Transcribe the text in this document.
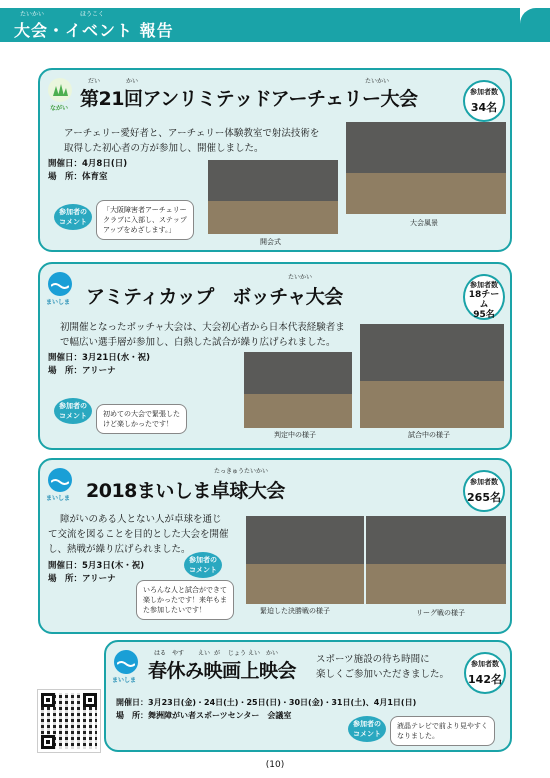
たいかい	ほうこく
大会・イベント 報告
ながい
だい	かい	たいかい
第21回アンリミテッドアーチェリー大会	参加者数
34名
アーチェリー愛好者と、アーチェリー体験教室で射法技術を
取得した初心者の方が参加し、開催しました。
開催日：4月8日(日)
場　所：体育室
参加者の
コメント
「大阪障害者アーチェリー
クラブに入部し、ステップ
アップをめざします。」
開会式
大会風景
まいしま
たいかい
アミティカップ　ボッチャ大会
参加者数
18チーム
95名
初開催となったボッチャ大会は、大会初心者から日本代表経験者ま
で幅広い選手層が参加し、白熱した試合が繰り広げられました。
開催日：3月21日(水・祝)
場　所：アリーナ
参加者の
コメント	初めての大会で緊張した
けど楽しかったです！
判定中の様子	試合中の様子
まいしま
たっきゅうたいかい
2018まいしま卓球大会	参加者数
265名
障がいのある人とない人が卓球を通じ
て交流を図ることを目的とした大会を開催
し、熱戦が繰り広げられました。
開催日：5月3日(木・祝)
場　所：アリーナ
参加者の
コメント
いろんな人と試合ができて
楽しかったです！来年もま
た参加したいです！	緊迫した決勝戦の様子	リーグ戦の様子
まいしま
はる やす えい が じょう えい かい
春休み映画上映会
スポーツ施設の待ち時間に
楽しくご参加いただきました。
参加者数
142名
開催日：3月23日(金)・24日(土)・25日(日)・30日(金)・31日(土)、4月1日(日)
場　所：舞洲障がい者スポーツセンター　会議室
参加者の
コメント
液晶テレビで前より見やすく
なりました。
(10)
